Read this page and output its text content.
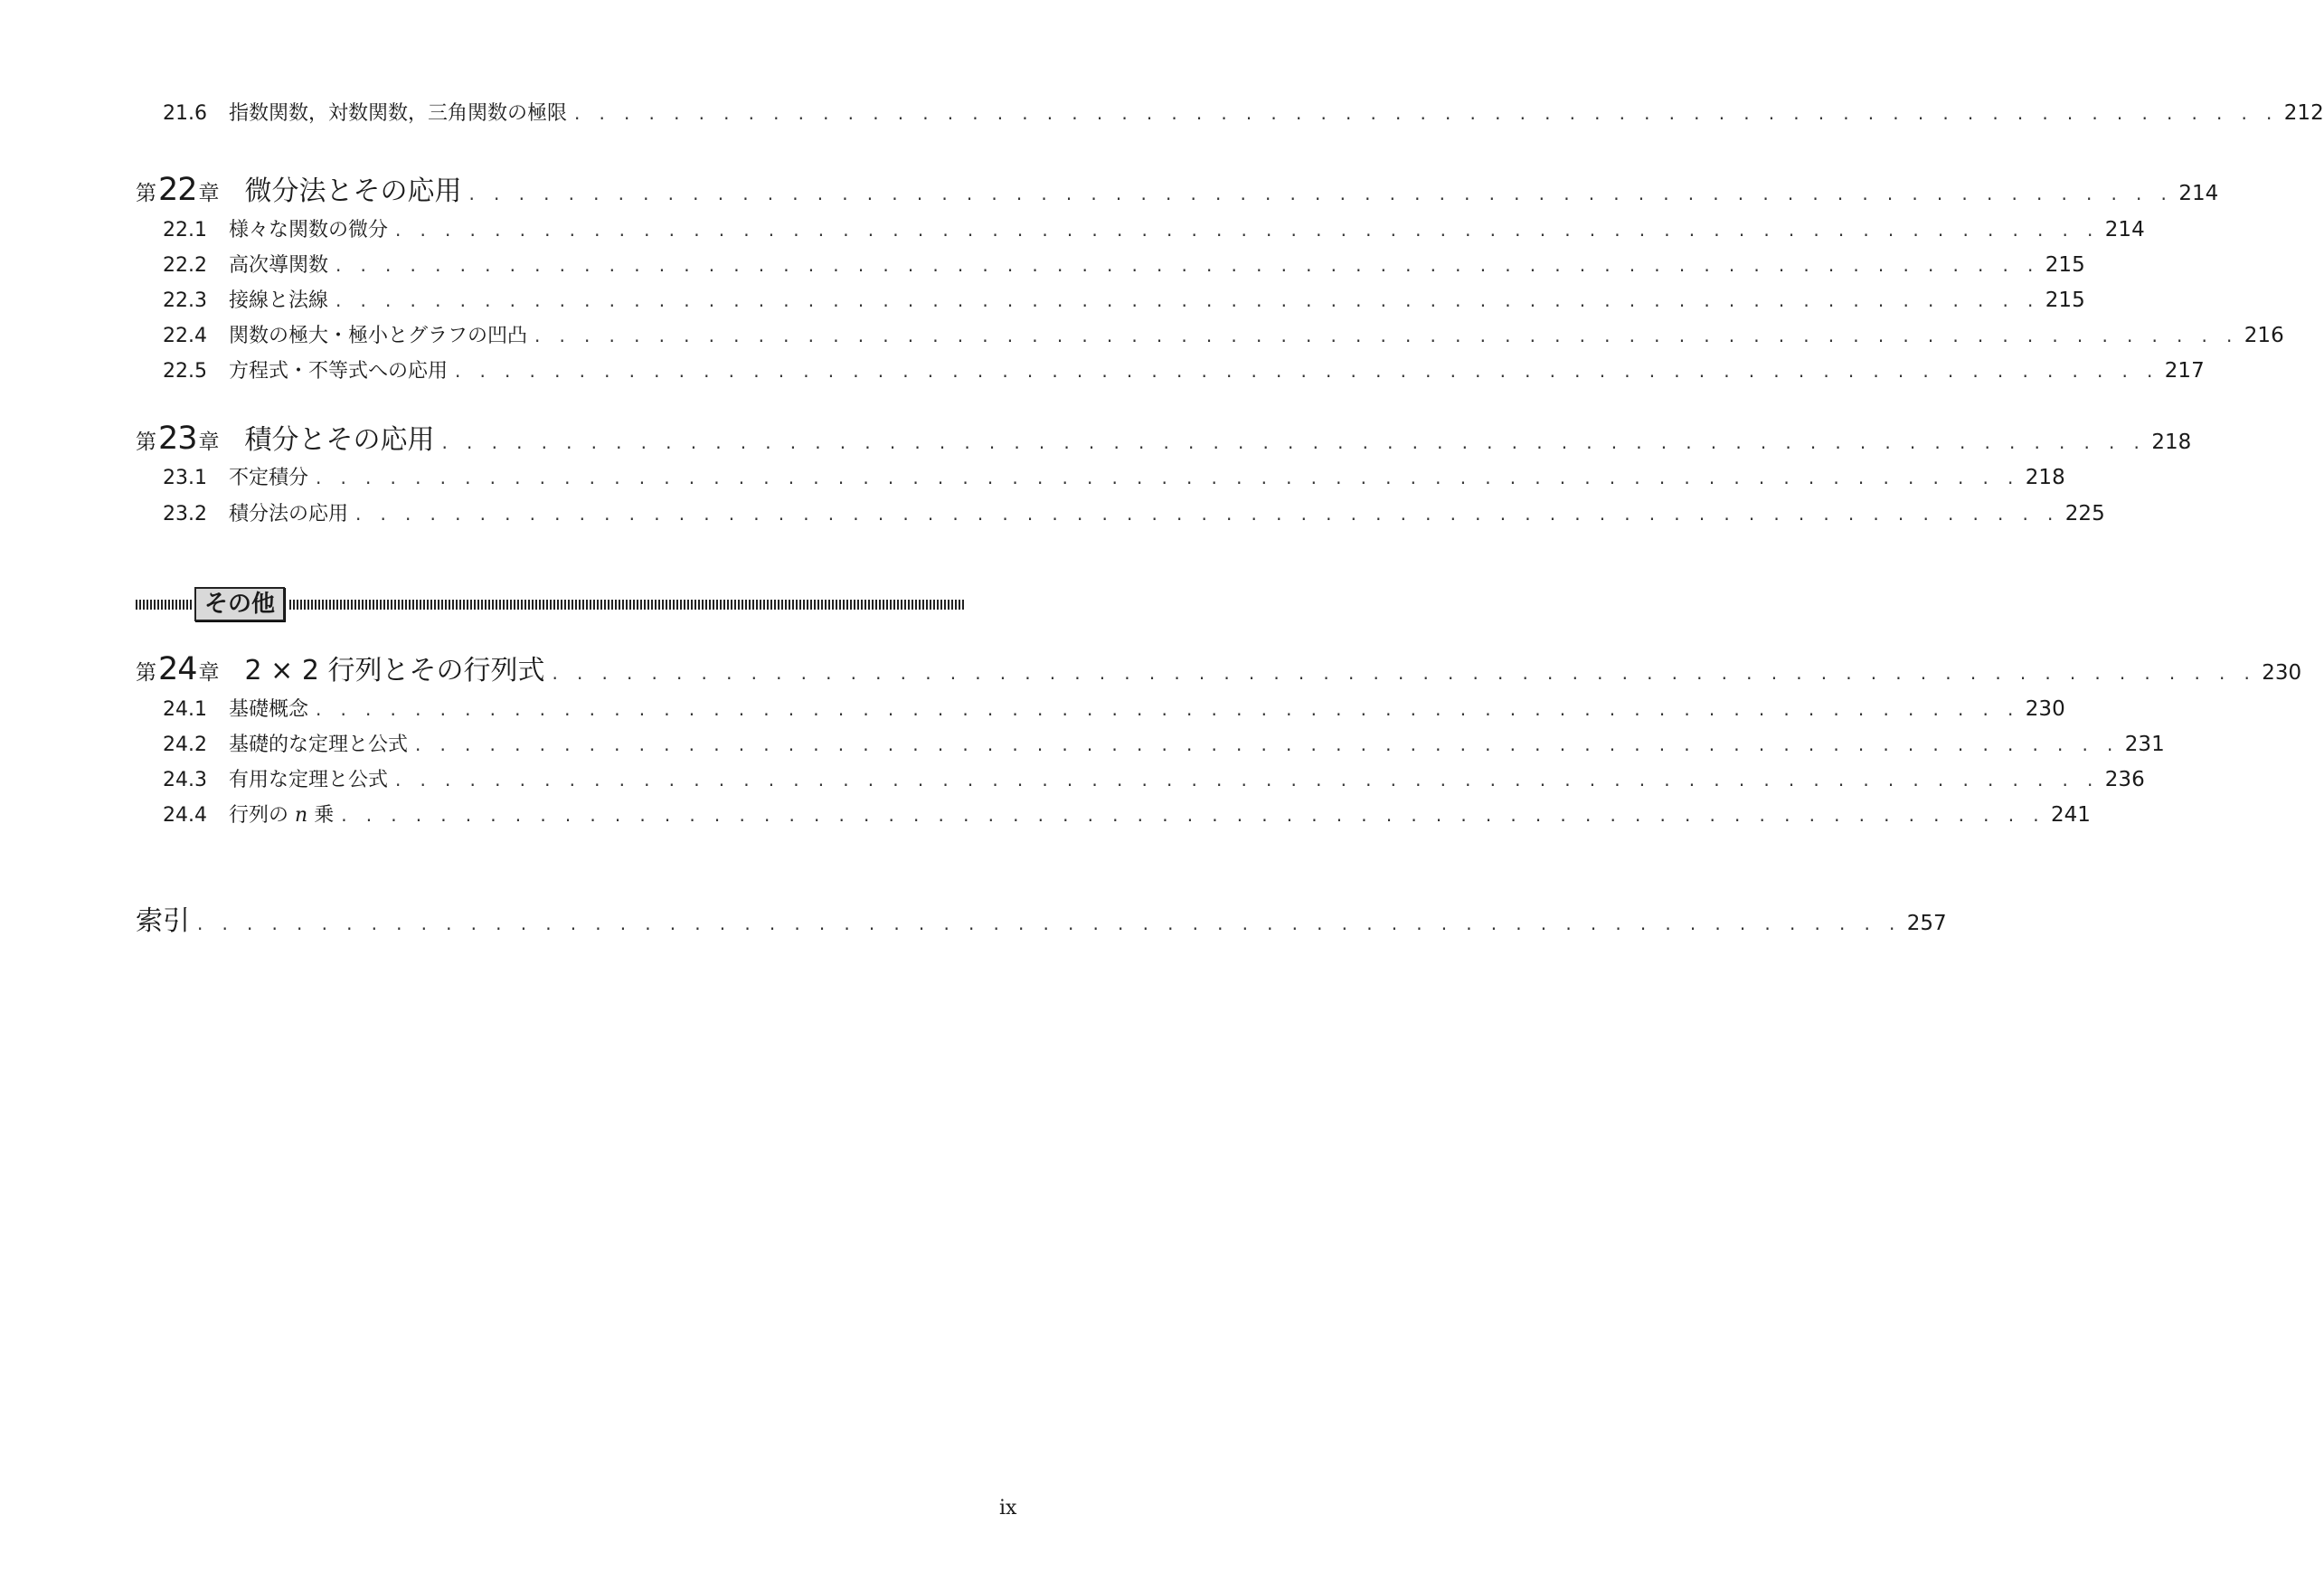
21.6	指数関数，対数関数，三角関数の極限 . . . . . . . . . . . . . . . . . . . . . . . . . . . . . . . . . . . . . . . . . . . . . . . . . . . . . . . . . . . . . . . . . . . . . 212
第 22 章 微分法とその応用 . . . . . . . . . . . . . . . . . . . . . . . . . . . . . . . . . . . . . . . . . . . . . . . . . . . . . . . . . . . . . . . . . . . . . 214
22.1	様々な関数の微分 . . . . . . . . . . . . . . . . . . . . . . . . . . . . . . . . . . . . . . . . . . . . . . . . . . . . . . . . . . . . . . . . . . . . . 214
22.2	高次導関数 . . . . . . . . . . . . . . . . . . . . . . . . . . . . . . . . . . . . . . . . . . . . . . . . . . . . . . . . . . . . . . . . . . . . . 215
22.3	接線と法線 . . . . . . . . . . . . . . . . . . . . . . . . . . . . . . . . . . . . . . . . . . . . . . . . . . . . . . . . . . . . . . . . . . . . . 215
22.4	関数の極大・極小とグラフの凹凸 . . . . . . . . . . . . . . . . . . . . . . . . . . . . . . . . . . . . . . . . . . . . . . . . . . . . . . . . . . . . . . . . . . . . . 216
22.5	方程式・不等式への応用 . . . . . . . . . . . . . . . . . . . . . . . . . . . . . . . . . . . . . . . . . . . . . . . . . . . . . . . . . . . . . . . . . . . . . 217
第 23 章 積分とその応用 . . . . . . . . . . . . . . . . . . . . . . . . . . . . . . . . . . . . . . . . . . . . . . . . . . . . . . . . . . . . . . . . . . . . . 218
23.1	不定積分 . . . . . . . . . . . . . . . . . . . . . . . . . . . . . . . . . . . . . . . . . . . . . . . . . . . . . . . . . . . . . . . . . . . . . 218
23.2	積分法の応用 . . . . . . . . . . . . . . . . . . . . . . . . . . . . . . . . . . . . . . . . . . . . . . . . . . . . . . . . . . . . . . . . . . . . . 225
第 24 章 2 × 2 行列とその行列式 . . . . . . . . . . . . . . . . . . . . . . . . . . . . . . . . . . . . . . . . . . . . . . . . . . . . . . . . . . . . . . . . . . . . . 230
24.1	基礎概念 . . . . . . . . . . . . . . . . . . . . . . . . . . . . . . . . . . . . . . . . . . . . . . . . . . . . . . . . . . . . . . . . . . . . . 230
24.2	基礎的な定理と公式 . . . . . . . . . . . . . . . . . . . . . . . . . . . . . . . . . . . . . . . . . . . . . . . . . . . . . . . . . . . . . . . . . . . . . 231
24.3	有用な定理と公式 . . . . . . . . . . . . . . . . . . . . . . . . . . . . . . . . . . . . . . . . . . . . . . . . . . . . . . . . . . . . . . . . . . . . . 236
24.4	行列の n 乗 . . . . . . . . . . . . . . . . . . . . . . . . . . . . . . . . . . . . . . . . . . . . . . . . . . . . . . . . . . . . . . . . . . . . . 241
索引 . . . . . . . . . . . . . . . . . . . . . . . . . . . . . . . . . . . . . . . . . . . . . . . . . . . . . . . . . . . . . . . . . . . . . 257
その他
ix
